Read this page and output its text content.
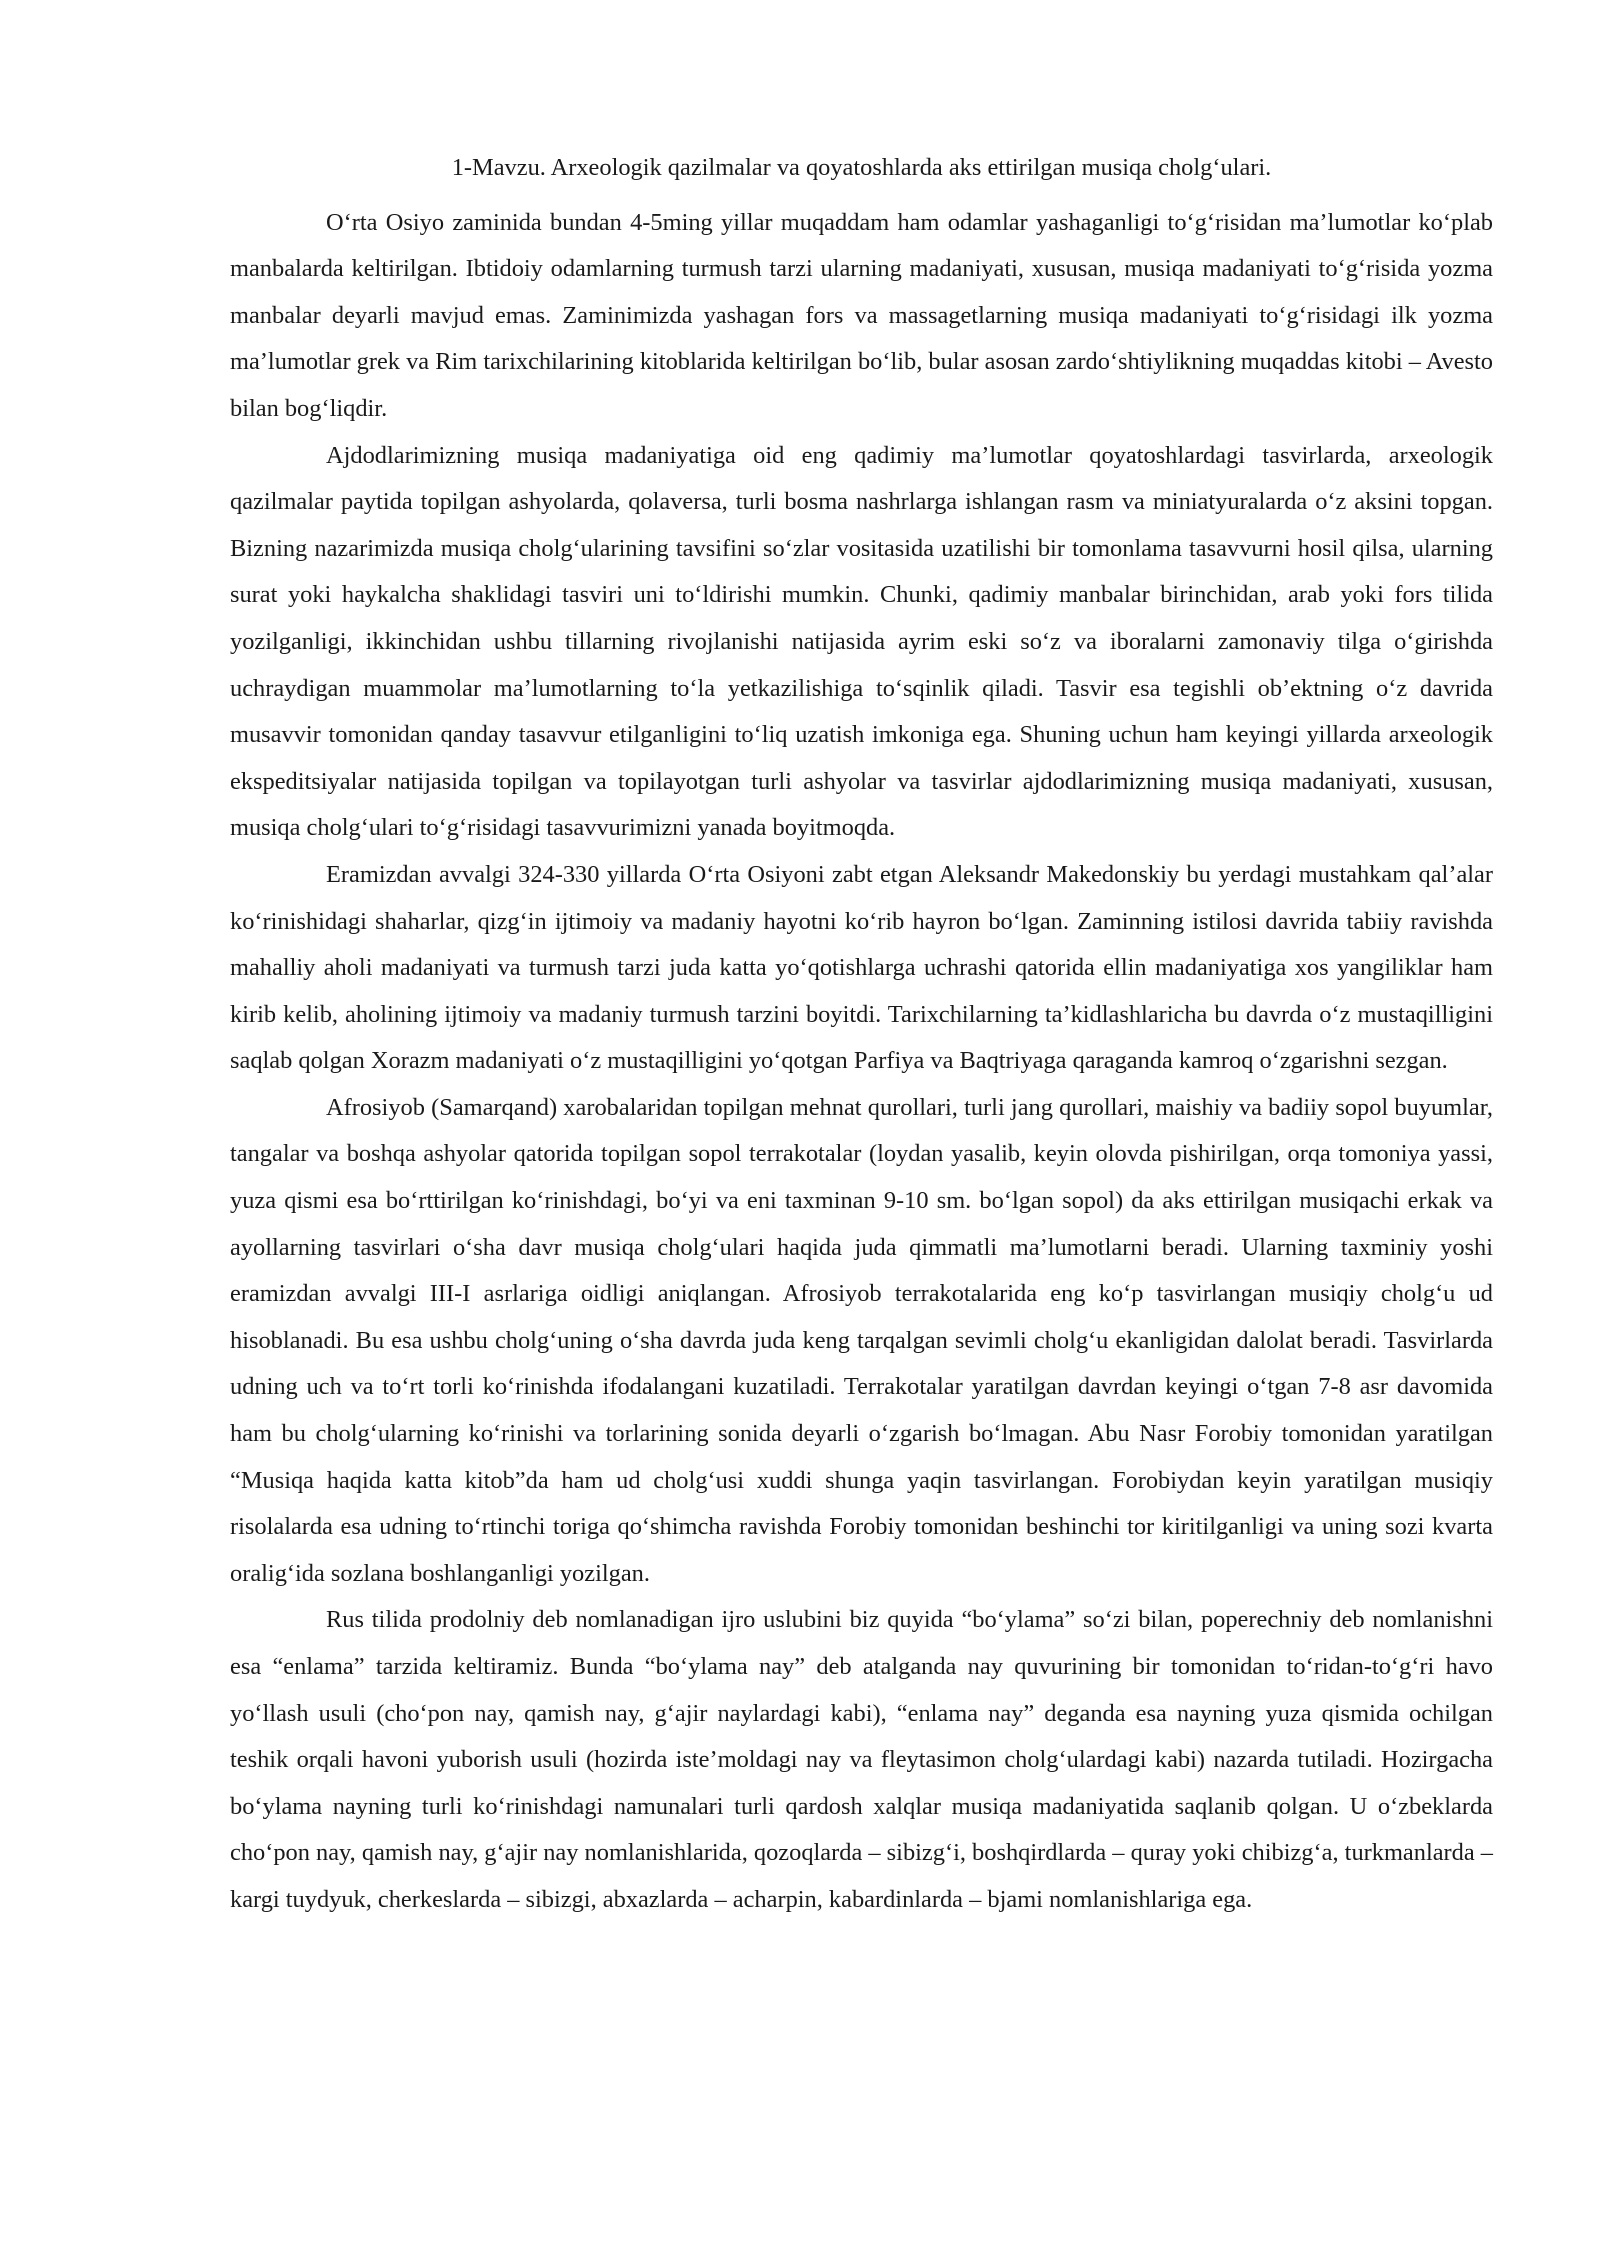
1-Mavzu. Arxeologik qazilmalar va qoyatoshlarda aks ettirilgan musiqa cholg‘ulari.

O‘rta Osiyo zaminida bundan 4-5ming yillar muqaddam ham odamlar yashaganligi to‘g‘risidan ma’lumotlar ko‘plab manbalarda keltirilgan. Ibtidoiy odamlarning turmush tarzi ularning madaniyati, xususan, musiqa madaniyati to‘g‘risida yozma manbalar deyarli mavjud emas. Zaminimizda yashagan fors va massagetlarning musiqa madaniyati to‘g‘risidagi ilk yozma ma’lumotlar grek va Rim tarixchilarining kitoblarida keltirilgan bo‘lib, bular asosan zardo‘shtiylikning muqaddas kitobi – Avesto bilan bog‘liqdir.

Ajdodlarimizning musiqa madaniyatiga oid eng qadimiy ma’lumotlar qoyatoshlardagi tasvirlarda, arxeologik qazilmalar paytida topilgan ashyolarda, qolaversa, turli bosma nashrlarga ishlangan rasm va miniatyuralarda o‘z aksini topgan. Bizning nazarimizda musiqa cholg‘ularining tavsifini so‘zlar vositasida uzatilishi bir tomonlama tasavvurni hosil qilsa, ularning surat yoki haykalcha shaklidagi tasviri uni to‘ldirishi mumkin. Chunki, qadimiy manbalar birinchidan, arab yoki fors tilida yozilganligi, ikkinchidan ushbu tillarning rivojlanishi natijasida ayrim eski so‘z va iboralarni zamonaviy tilga o‘girishda uchraydigan muammolar ma’lumotlarning to‘la yetkazilishiga to‘sqinlik qiladi. Tasvir esa tegishli ob’ektning o‘z davrida musavvir tomonidan qanday tasavvur etilganligini to‘liq uzatish imkoniga ega. Shuning uchun ham keyingi yillarda arxeologik ekspeditsiyalar natijasida topilgan va topilayotgan turli ashyolar va tasvirlar ajdodlarimizning musiqa madaniyati, xususan, musiqa cholg‘ulari to‘g‘risidagi tasavvurimizni yanada boyitmoqda.

Eramizdan avvalgi 324-330 yillarda O‘rta Osiyoni zabt etgan Aleksandr Makedonskiy bu yerdagi mustahkam qal’alar ko‘rinishidagi shaharlar, qizg‘in ijtimoiy va madaniy hayotni ko‘rib hayron bo‘lgan. Zaminning istilosi davrida tabiiy ravishda mahalliy aholi madaniyati va turmush tarzi juda katta yo‘qotishlarga uchrashi qatorida ellin madaniyatiga xos yangiliklar ham kirib kelib, aholining ijtimoiy va madaniy turmush tarzini boyitdi. Tarixchilarning ta’kidlashlaricha bu davrda o‘z mustaqilligini saqlab qolgan Xorazm madaniyati o‘z mustaqilligini yo‘qotgan Parfiya va Baqtriyaga qaraganda kamroq o‘zgarishni sezgan.

Afrosiyob (Samarqand) xarobalaridan topilgan mehnat qurollari, turli jang qurollari, maishiy va badiiy sopol buyumlar, tangalar va boshqa ashyolar qatorida topilgan sopol terrakotalar (loydan yasalib, keyin olovda pishirilgan, orqa tomoniya yassi, yuza qismi esa bo‘rttirilgan ko‘rinishdagi, bo‘yi va eni taxminan 9-10 sm. bo‘lgan sopol) da aks ettirilgan musiqachi erkak va ayollarning tasvirlari o‘sha davr musiqa cholg‘ulari haqida juda qimmatli ma’lumotlarni beradi. Ularning taxminiy yoshi eramizdan avvalgi III-I asrlariga oidligi aniqlangan. Afrosiyob terrakotalarida eng ko‘p tasvirlangan musiqiy cholg‘u ud hisoblanadi. Bu esa ushbu cholg‘uning o‘sha davrda juda keng tarqalgan sevimli cholg‘u ekanligidan dalolat beradi. Tasvirlarda udning uch va to‘rt torli ko‘rinishda ifodalangani kuzatiladi. Terrakotalar yaratilgan davrdan keyingi o‘tgan 7-8 asr davomida ham bu cholg‘ularning ko‘rinishi va torlarining sonida deyarli o‘zgarish bo‘lmagan. Abu Nasr Forobiy tomonidan yaratilgan “Musiqa haqida katta kitob”da ham ud cholg‘usi xuddi shunga yaqin tasvirlangan. Forobiydan keyin yaratilgan musiqiy risolalarda esa udning to‘rtinchi toriga qo‘shimcha ravishda Forobiy tomonidan beshinchi tor kiritilganligi va uning sozi kvarta oralig‘ida sozlana boshlanganligi yozilgan.

Rus tilida prodolniy deb nomlanadigan ijro uslubini biz quyida “bo‘ylama” so‘zi bilan, poperechniy deb nomlanishni esa “enlama” tarzida keltiramiz. Bunda “bo‘ylama nay” deb atalganda nay quvurining bir tomonidan to‘ridan-to‘g‘ri havo yo‘llash usuli (cho‘pon nay, qamish nay, g‘ajir naylardagi kabi), “enlama nay” deganda esa nayning yuza qismida ochilgan teshik orqali havoni yuborish usuli (hozirda iste’moldagi nay va fleytasimon cholg‘ulardagi kabi) nazarda tutiladi. Hozirgacha bo‘ylama nayning turli ko‘rinishdagi namunalari turli qardosh xalqlar musiqa madaniyatida saqlanib qolgan. U o‘zbeklarda cho‘pon nay, qamish nay, g‘ajir nay nomlanishlarida, qozoqlarda – sibizg‘i, boshqirdlarda – quray yoki chibizg‘a, turkmanlarda – kargi tuydyuk, cherkeslarda – sibizgi, abxazlarda – acharpin, kabardinlarda – bjami nomlanishlariga ega.
